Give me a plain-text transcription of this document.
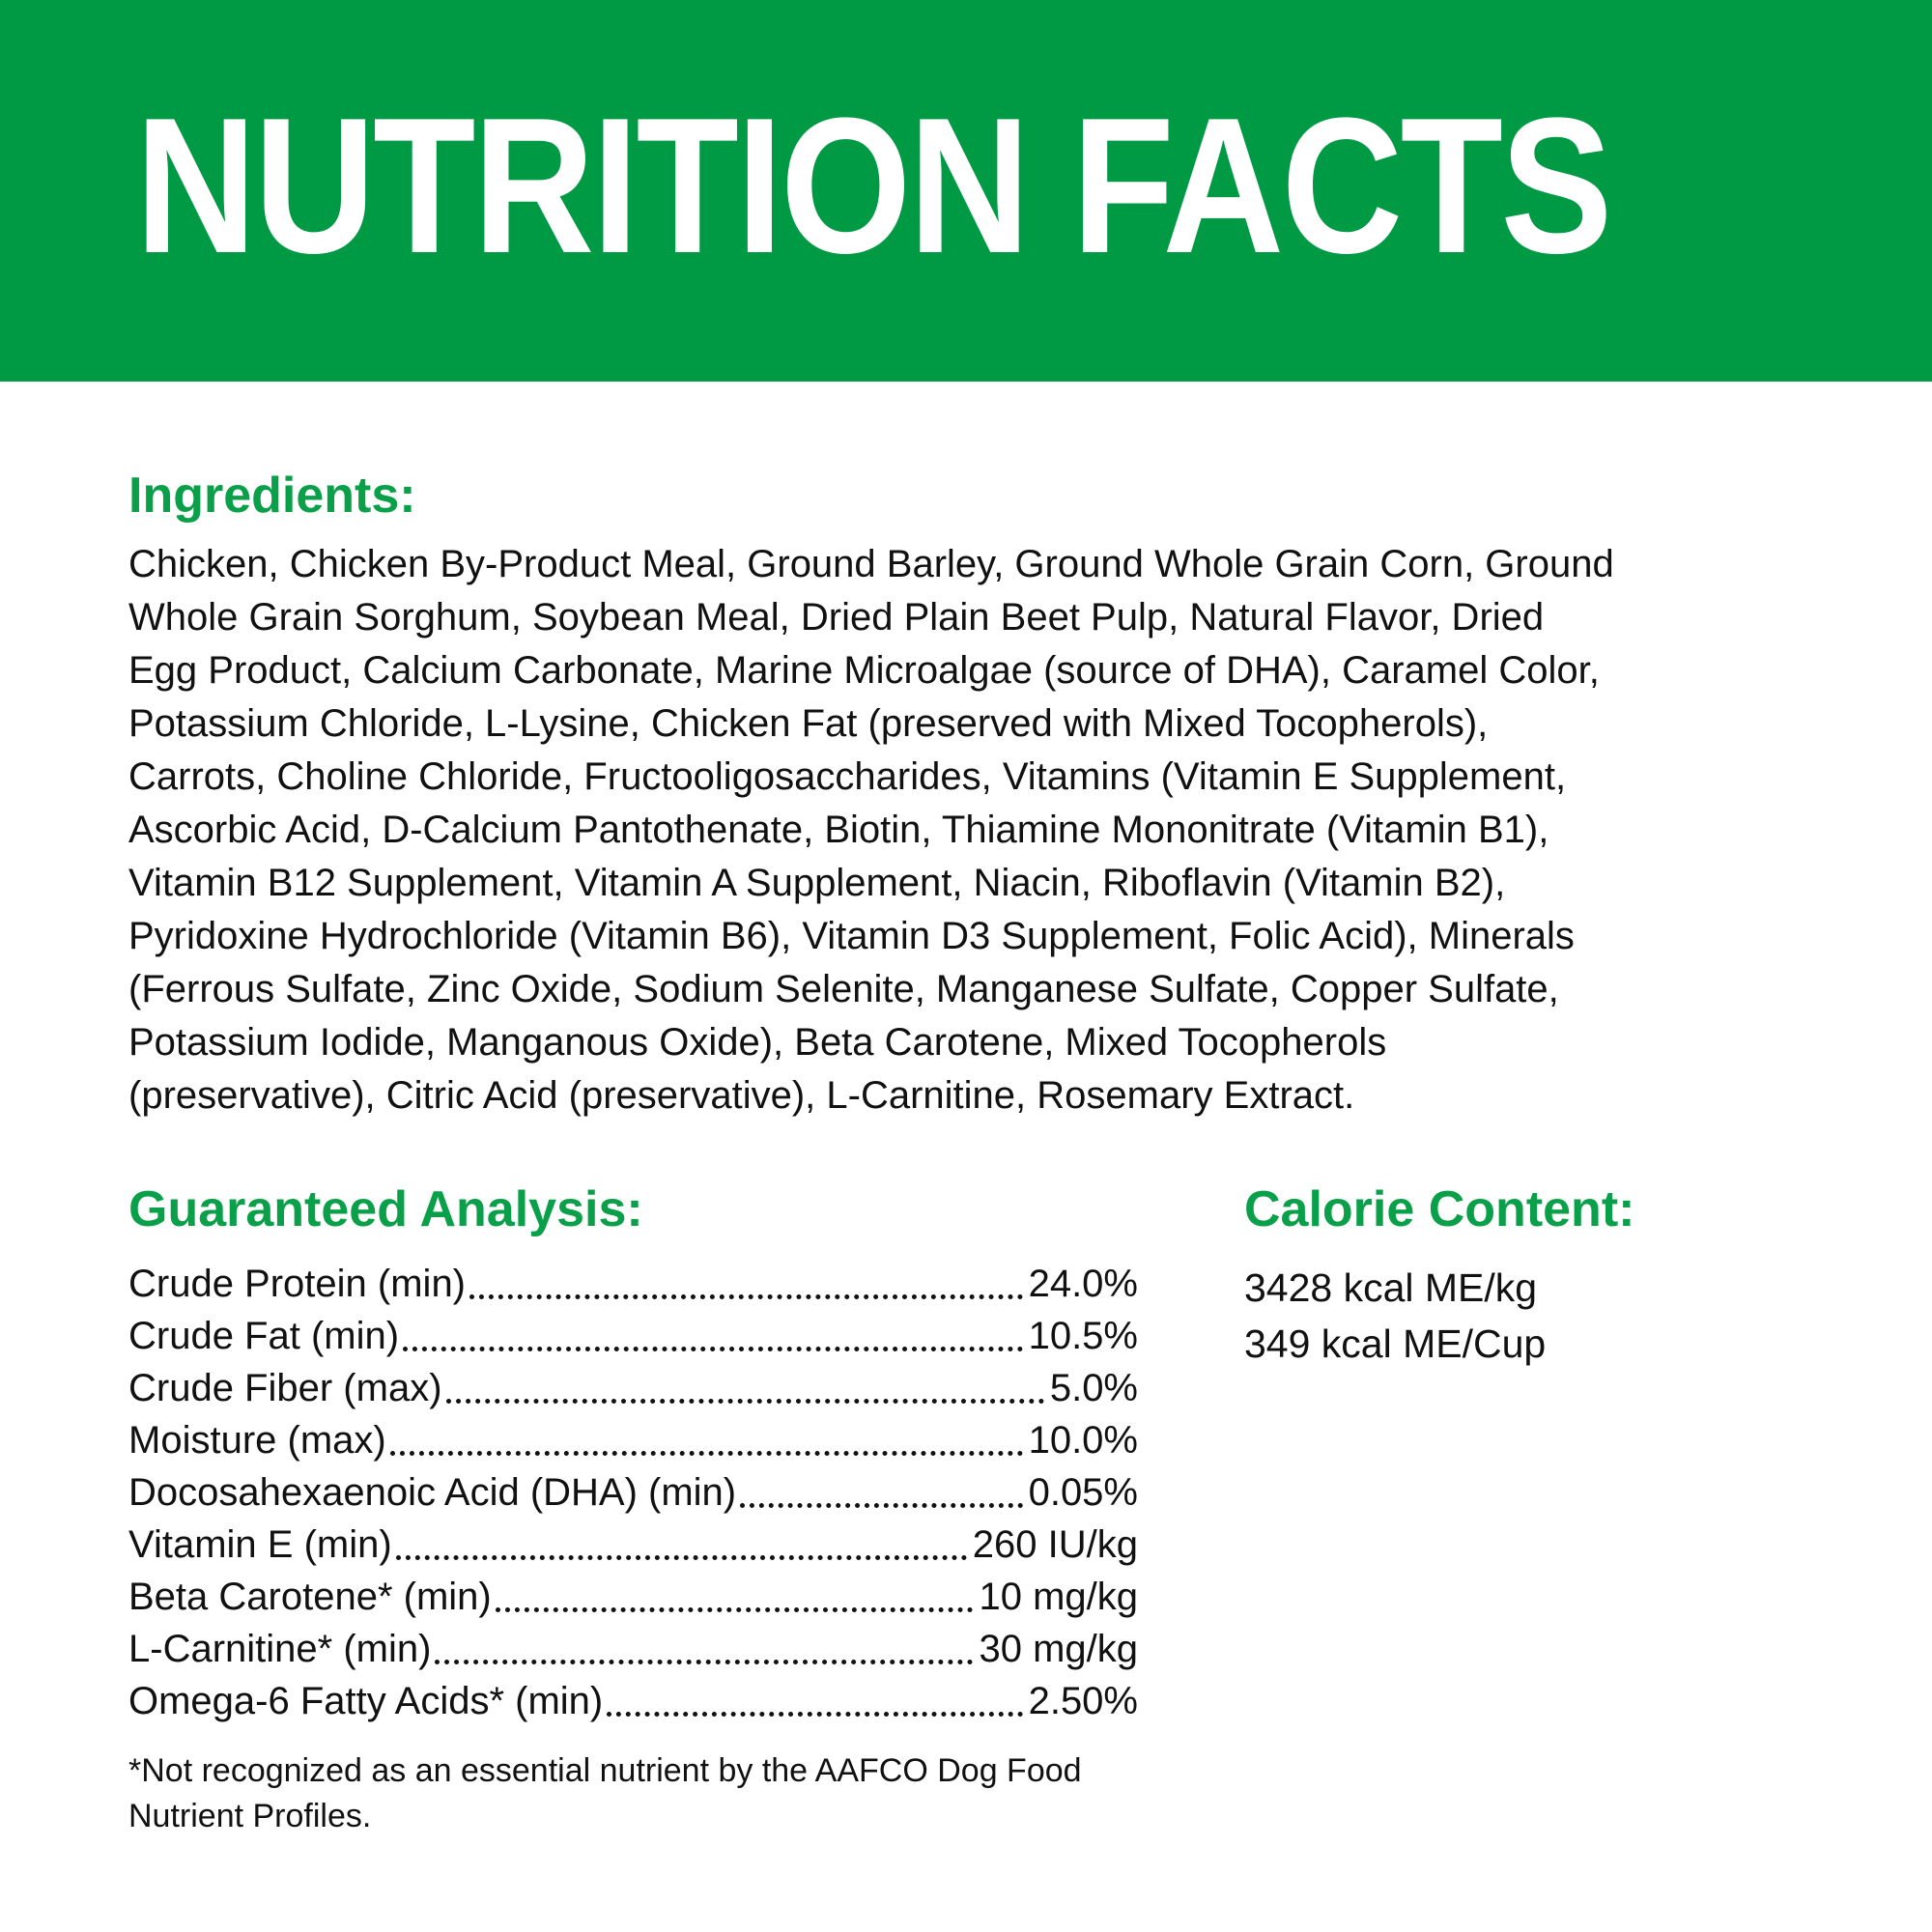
NUTRITION FACTS
Ingredients:
Chicken, Chicken By-Product Meal, Ground Barley, Ground Whole Grain Corn, Ground
Whole Grain Sorghum, Soybean Meal, Dried Plain Beet Pulp, Natural Flavor, Dried
Egg Product, Calcium Carbonate, Marine Microalgae (source of DHA), Caramel Color,
Potassium Chloride, L-Lysine, Chicken Fat (preserved with Mixed Tocopherols),
Carrots, Choline Chloride, Fructooligosaccharides, Vitamins (Vitamin E Supplement,
Ascorbic Acid, D-Calcium Pantothenate, Biotin, Thiamine Mononitrate (Vitamin B1),
Vitamin B12 Supplement, Vitamin A Supplement, Niacin, Riboflavin (Vitamin B2),
Pyridoxine Hydrochloride (Vitamin B6), Vitamin D3 Supplement, Folic Acid), Minerals
(Ferrous Sulfate, Zinc Oxide, Sodium Selenite, Manganese Sulfate, Copper Sulfate,
Potassium Iodide, Manganous Oxide), Beta Carotene, Mixed Tocopherols
(preservative), Citric Acid (preservative), L-Carnitine, Rosemary Extract.
Guaranteed Analysis:
Crude Protein (min)	24.0%
Crude Fat (min)	10.5%
Crude Fiber (max)	5.0%
Moisture (max)	10.0%
Docosahexaenoic Acid (DHA) (min)	0.05%
Vitamin E (min)	260 IU/kg
Beta Carotene* (min)	10 mg/kg
L-Carnitine* (min)	30 mg/kg
Omega-6 Fatty Acids* (min)	2.50%
*Not recognized as an essential nutrient by the AAFCO Dog Food
Nutrient Profiles.
Calorie Content:
3428 kcal ME/kg
349 kcal ME/Cup
